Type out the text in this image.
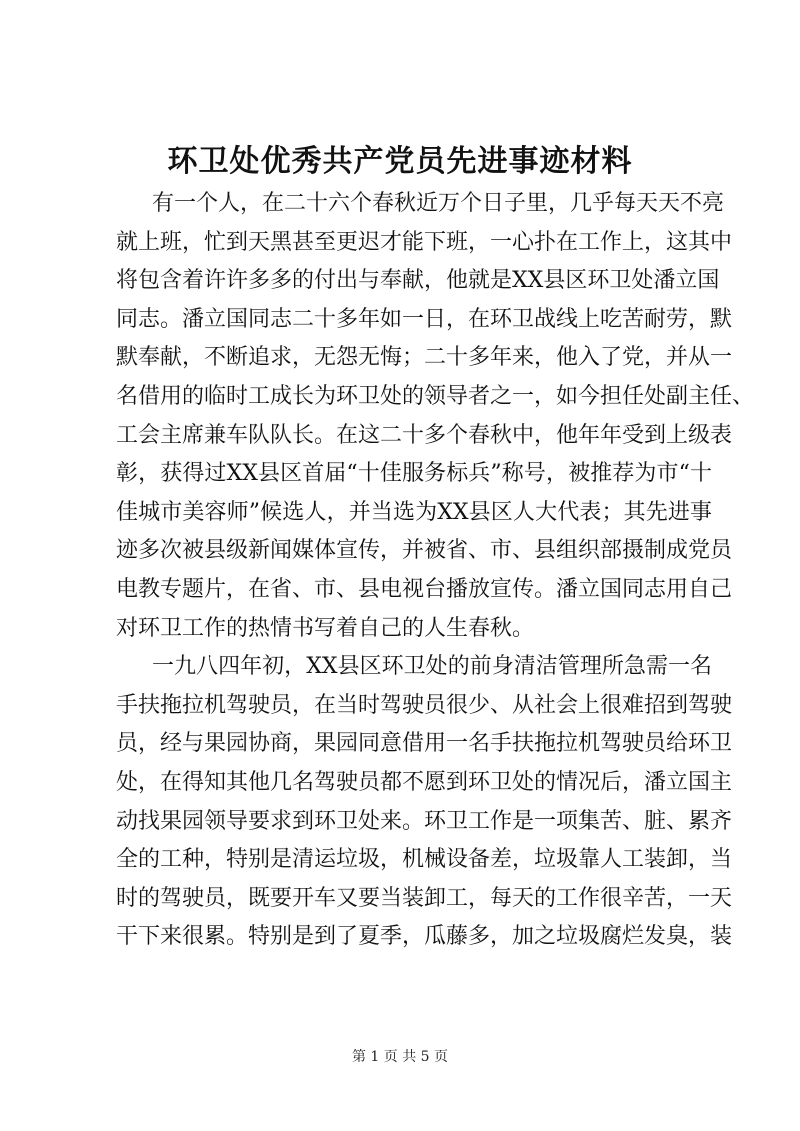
环卫处优秀共产党员先进事迹材料
有一个人，在二十六个春秋近万个日子里，几乎每天天不亮
就上班，忙到天黑甚至更迟才能下班，一心扑在工作上，这其中
将包含着许许多多的付出与奉献，他就是XX县区环卫处潘立国
同志。潘立国同志二十多年如一日，在环卫战线上吃苦耐劳，默
默奉献，不断追求，无怨无悔；二十多年来，他入了党，并从一
名借用的临时工成长为环卫处的领导者之一，如今担任处副主任、
工会主席兼车队队长。在这二十多个春秋中，他年年受到上级表
彰，获得过XX县区首届“十佳服务标兵”称号，被推荐为市“十
佳城市美容师”候选人，并当选为XX县区人大代表；其先进事
迹多次被县级新闻媒体宣传，并被省、市、县组织部摄制成党员
电教专题片，在省、市、县电视台播放宣传。潘立国同志用自己
对环卫工作的热情书写着自己的人生春秋。
一九八四年初，XX县区环卫处的前身清洁管理所急需一名
手扶拖拉机驾驶员，在当时驾驶员很少、从社会上很难招到驾驶
员，经与果园协商，果园同意借用一名手扶拖拉机驾驶员给环卫
处，在得知其他几名驾驶员都不愿到环卫处的情况后，潘立国主
动找果园领导要求到环卫处来。环卫工作是一项集苦、脏、累齐
全的工种，特别是清运垃圾，机械设备差，垃圾靠人工装卸，当
时的驾驶员，既要开车又要当装卸工，每天的工作很辛苦，一天
干下来很累。特别是到了夏季，瓜藤多，加之垃圾腐烂发臭，装
第 1 页 共 5 页
